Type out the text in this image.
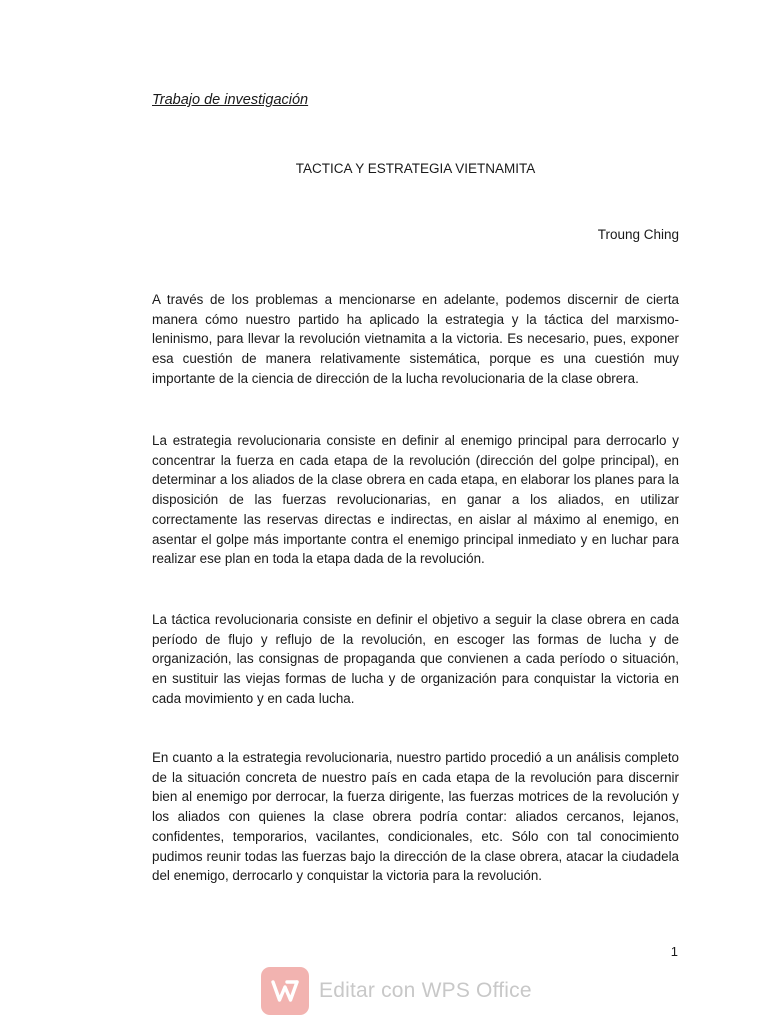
Trabajo de investigación

TACTICA Y ESTRATEGIA VIETNAMITA

Troung Ching

A través de los problemas a mencionarse en adelante, podemos discernir de cierta manera cómo nuestro partido ha aplicado la estrategia y la táctica del marxismo-leninismo, para llevar la revolución vietnamita a la victoria. Es necesario, pues, exponer esa cuestión de manera relativamente sistemática, porque es una cuestión muy importante de la ciencia de dirección de la lucha revolucionaria de la clase obrera.

La estrategia revolucionaria consiste en definir al enemigo principal para derrocarlo y concentrar la fuerza en cada etapa de la revolución (dirección del golpe principal), en determinar a los aliados de la clase obrera en cada etapa, en elaborar los planes para la disposición de las fuerzas revolucionarias, en ganar a los aliados, en utilizar correctamente las reservas directas e indirectas, en aislar al máximo al enemigo, en asentar el golpe más importante contra el enemigo principal inmediato y en luchar para realizar ese plan en toda la etapa dada de la revolución.

La táctica revolucionaria consiste en definir el objetivo a seguir la clase obrera en cada período de flujo y reflujo de la revolución, en escoger las formas de lucha y de organización, las consignas de propaganda que convienen a cada período o situación, en sustituir las viejas formas de lucha y de organización para conquistar la victoria en cada movimiento y en cada lucha.

En cuanto a la estrategia revolucionaria, nuestro partido procedió a un análisis completo de la situación concreta de nuestro país en cada etapa de la revolución para discernir bien al enemigo por derrocar, la fuerza dirigente, las fuerzas motrices de la revolución y los aliados con quienes la clase obrera podría contar: aliados cercanos, lejanos, confidentes, temporarios, vacilantes, condicionales, etc. Sólo con tal conocimiento pudimos reunir todas las fuerzas bajo la dirección de la clase obrera, atacar la ciudadela del enemigo, derrocarlo y conquistar la victoria para la revolución.

1

Editar con WPS Office
